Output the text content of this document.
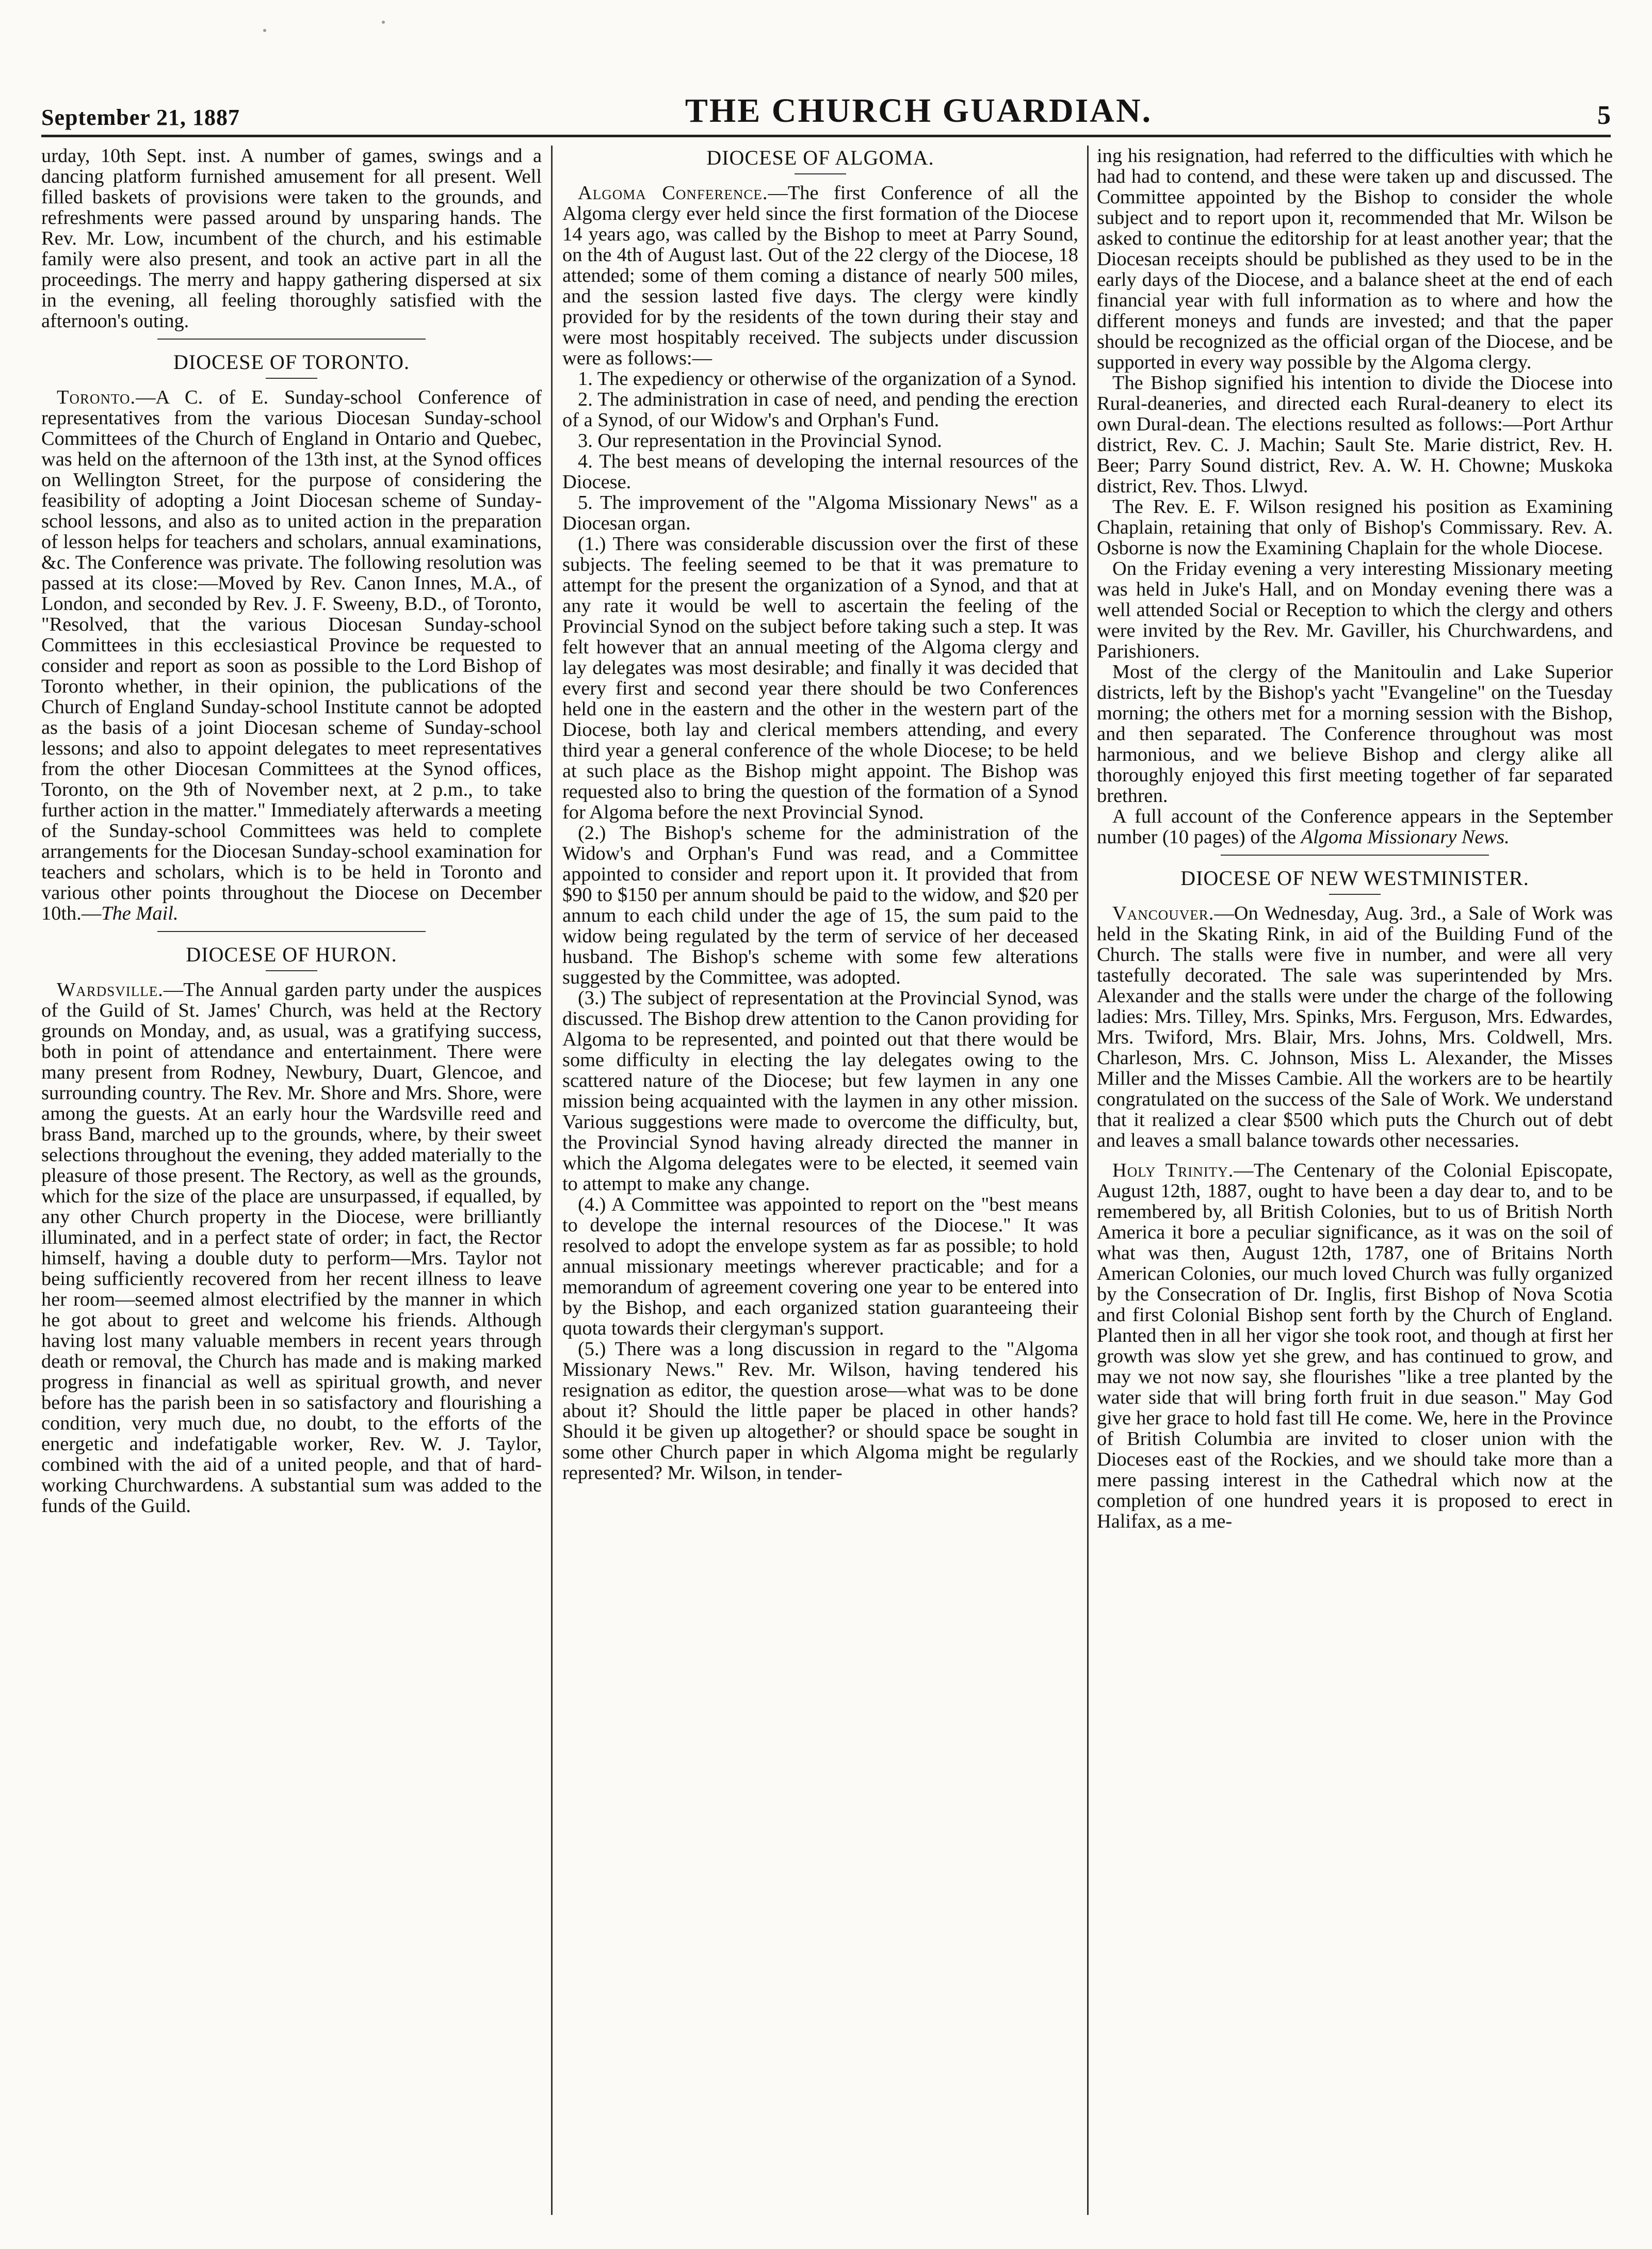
September 21, 1887	THE CHURCH GUARDIAN.	5

urday, 10th Sept. inst. A number of games, swings and a dancing platform furnished amusement for all present. Well filled baskets of provisions were taken to the grounds, and refreshments were passed around by unsparing hands. The Rev. Mr. Low, incumbent of the church, and his estimable family were also present, and took an active part in all the proceedings. The merry and happy gathering dispersed at six in the evening, all feeling thoroughly satisfied with the afternoon's outing.

DIOCESE OF TORONTO.

Toronto.—A C. of E. Sunday-school Conference of representatives from the various Diocesan Sunday-school Committees of the Church of England in Ontario and Quebec, was held on the afternoon of the 13th inst, at the Synod offices on Wellington Street, for the purpose of considering the feasibility of adopting a Joint Diocesan scheme of Sunday-school lessons, and also as to united action in the preparation of lesson helps for teachers and scholars, annual examinations, &c. The Conference was private. The following resolution was passed at its close:—Moved by Rev. Canon Innes, M.A., of London, and seconded by Rev. J. F. Sweeny, B.D., of Toronto, "Resolved, that the various Diocesan Sunday-school Committees in this ecclesiastical Province be requested to consider and report as soon as possible to the Lord Bishop of Toronto whether, in their opinion, the publications of the Church of England Sunday-school Institute cannot be adopted as the basis of a joint Diocesan scheme of Sunday-school lessons; and also to appoint delegates to meet representatives from the other Diocesan Committees at the Synod offices, Toronto, on the 9th of November next, at 2 p.m., to take further action in the matter." Immediately afterwards a meeting of the Sunday-school Committees was held to complete arrangements for the Diocesan Sunday-school examination for teachers and scholars, which is to be held in Toronto and various other points throughout the Diocese on December 10th.—The Mail.

DIOCESE OF HURON.

Wardsville.—The Annual garden party under the auspices of the Guild of St. James' Church, was held at the Rectory grounds on Monday, and, as usual, was a gratifying success, both in point of attendance and entertainment. There were many present from Rodney, Newbury, Duart, Glencoe, and surrounding country. The Rev. Mr. Shore and Mrs. Shore, were among the guests. At an early hour the Wardsville reed and brass Band, marched up to the grounds, where, by their sweet selections throughout the evening, they added materially to the pleasure of those present. The Rectory, as well as the grounds, which for the size of the place are unsurpassed, if equalled, by any other Church property in the Diocese, were brilliantly illuminated, and in a perfect state of order; in fact, the Rector himself, having a double duty to perform—Mrs. Taylor not being sufficiently recovered from her recent illness to leave her room—seemed almost electrified by the manner in which he got about to greet and welcome his friends. Although having lost many valuable members in recent years through death or removal, the Church has made and is making marked progress in financial as well as spiritual growth, and never before has the parish been in so satisfactory and flourishing a condition, very much due, no doubt, to the efforts of the energetic and indefatigable worker, Rev. W. J. Taylor, combined with the aid of a united people, and that of hard-working Churchwardens. A substantial sum was added to the funds of the Guild.

DIOCESE OF ALGOMA.

Algoma Conference.—The first Conference of all the Algoma clergy ever held since the first formation of the Diocese 14 years ago, was called by the Bishop to meet at Parry Sound, on the 4th of August last. Out of the 22 clergy of the Diocese, 18 attended; some of them coming a distance of nearly 500 miles, and the session lasted five days. The clergy were kindly provided for by the residents of the town during their stay and were most hospitably received. The subjects under discussion were as follows:—

1. The expediency or otherwise of the organization of a Synod.

2. The administration in case of need, and pending the erection of a Synod, of our Widow's and Orphan's Fund.

3. Our representation in the Provincial Synod.

4. The best means of developing the internal resources of the Diocese.

5. The improvement of the "Algoma Missionary News" as a Diocesan organ.

(1.) There was considerable discussion over the first of these subjects. The feeling seemed to be that it was premature to attempt for the present the organization of a Synod, and that at any rate it would be well to ascertain the feeling of the Provincial Synod on the subject before taking such a step. It was felt however that an annual meeting of the Algoma clergy and lay delegates was most desirable; and finally it was decided that every first and second year there should be two Conferences held one in the eastern and the other in the western part of the Diocese, both lay and clerical members attending, and every third year a general conference of the whole Diocese; to be held at such place as the Bishop might appoint. The Bishop was requested also to bring the question of the formation of a Synod for Algoma before the next Provincial Synod.

(2.) The Bishop's scheme for the administration of the Widow's and Orphan's Fund was read, and a Committee appointed to consider and report upon it. It provided that from $90 to $150 per annum should be paid to the widow, and $20 per annum to each child under the age of 15, the sum paid to the widow being regulated by the term of service of her deceased husband. The Bishop's scheme with some few alterations suggested by the Committee, was adopted.

(3.) The subject of representation at the Provincial Synod, was discussed. The Bishop drew attention to the Canon providing for Algoma to be represented, and pointed out that there would be some difficulty in electing the lay delegates owing to the scattered nature of the Diocese; but few laymen in any one mission being acquainted with the laymen in any other mission. Various suggestions were made to overcome the difficulty, but, the Provincial Synod having already directed the manner in which the Algoma delegates were to be elected, it seemed vain to attempt to make any change.

(4.) A Committee was appointed to report on the "best means to develope the internal resources of the Diocese." It was resolved to adopt the envelope system as far as possible; to hold annual missionary meetings wherever practicable; and for a memorandum of agreement covering one year to be entered into by the Bishop, and each organized station guaranteeing their quota towards their clergyman's support.

(5.) There was a long discussion in regard to the "Algoma Missionary News." Rev. Mr. Wilson, having tendered his resignation as editor, the question arose—what was to be done about it? Should the little paper be placed in other hands? Should it be given up altogether? or should space be sought in some other Church paper in which Algoma might be regularly represented? Mr. Wilson, in tender-

ing his resignation, had referred to the difficulties with which he had had to contend, and these were taken up and discussed. The Committee appointed by the Bishop to consider the whole subject and to report upon it, recommended that Mr. Wilson be asked to continue the editorship for at least another year; that the Diocesan receipts should be published as they used to be in the early days of the Diocese, and a balance sheet at the end of each financial year with full information as to where and how the different moneys and funds are invested; and that the paper should be recognized as the official organ of the Diocese, and be supported in every way possible by the Algoma clergy.

The Bishop signified his intention to divide the Diocese into Rural-deaneries, and directed each Rural-deanery to elect its own Dural-dean. The elections resulted as follows:—Port Arthur district, Rev. C. J. Machin; Sault Ste. Marie district, Rev. H. Beer; Parry Sound district, Rev. A. W. H. Chowne; Muskoka district, Rev. Thos. Llwyd.

The Rev. E. F. Wilson resigned his position as Examining Chaplain, retaining that only of Bishop's Commissary. Rev. A. Osborne is now the Examining Chaplain for the whole Diocese.

On the Friday evening a very interesting Missionary meeting was held in Juke's Hall, and on Monday evening there was a well attended Social or Reception to which the clergy and others were invited by the Rev. Mr. Gaviller, his Churchwardens, and Parishioners.

Most of the clergy of the Manitoulin and Lake Superior districts, left by the Bishop's yacht "Evangeline" on the Tuesday morning; the others met for a morning session with the Bishop, and then separated. The Conference throughout was most harmonious, and we believe Bishop and clergy alike all thoroughly enjoyed this first meeting together of far separated brethren.

A full account of the Conference appears in the September number (10 pages) of the Algoma Missionary News.

DIOCESE OF NEW WESTMINISTER.

Vancouver.—On Wednesday, Aug. 3rd., a Sale of Work was held in the Skating Rink, in aid of the Building Fund of the Church. The stalls were five in number, and were all very tastefully decorated. The sale was superintended by Mrs. Alexander and the stalls were under the charge of the following ladies: Mrs. Tilley, Mrs. Spinks, Mrs. Ferguson, Mrs. Edwardes, Mrs. Twiford, Mrs. Blair, Mrs. Johns, Mrs. Coldwell, Mrs. Charleson, Mrs. C. Johnson, Miss L. Alexander, the Misses Miller and the Misses Cambie. All the workers are to be heartily congratulated on the success of the Sale of Work. We understand that it realized a clear $500 which puts the Church out of debt and leaves a small balance towards other necessaries.

Holy Trinity.—The Centenary of the Colonial Episcopate, August 12th, 1887, ought to have been a day dear to, and to be remembered by, all British Colonies, but to us of British North America it bore a peculiar significance, as it was on the soil of what was then, August 12th, 1787, one of Britains North American Colonies, our much loved Church was fully organized by the Consecration of Dr. Inglis, first Bishop of Nova Scotia and first Colonial Bishop sent forth by the Church of England. Planted then in all her vigor she took root, and though at first her growth was slow yet she grew, and has continued to grow, and may we not now say, she flourishes "like a tree planted by the water side that will bring forth fruit in due season." May God give her grace to hold fast till He come. We, here in the Province of British Columbia are invited to closer union with the Dioceses east of the Rockies, and we should take more than a mere passing interest in the Cathedral which now at the completion of one hundred years it is proposed to erect in Halifax, as a me-
